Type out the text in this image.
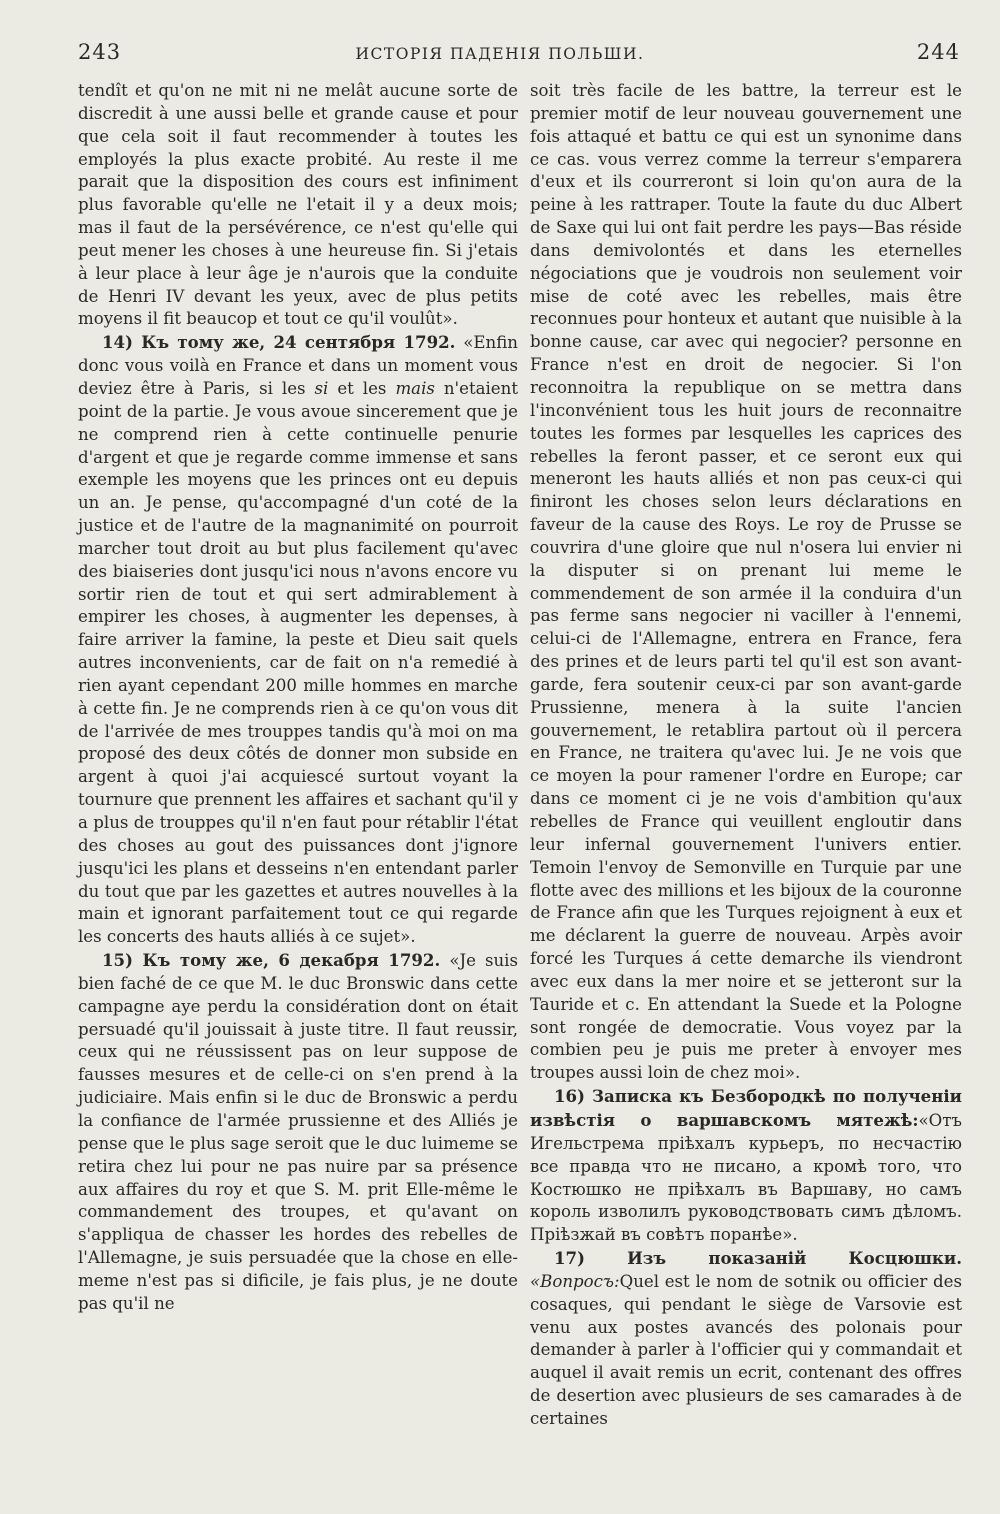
243	ИСТОРІЯ ПАДЕНІЯ ПОЛЬШИ.	244

tendît et qu'on ne mit ni ne melât aucune sorte de discredit à une aussi belle et grande cause et pour que cela soit il faut recommender à toutes les employés la plus exacte probité. Au reste il me parait que la disposition des cours est infiniment plus favorable qu'elle ne l'etait il y a deux mois; mas il faut de la persévérence, ce n'est qu'elle qui peut mener les choses à une heureuse fin. Si j'etais à leur place à leur âge je n'aurois que la conduite de Henri IV devant les yeux, avec de plus petits moyens il fit beaucop et tout ce qu'il voulût».

14) Къ тому же, 24 сентября 1792. «Enfin donc vous voilà en France et dans un moment vous deviez être à Paris, si les si et les mais n'etaient point de la partie. Je vous avoue sincerement que je ne comprend rien à cette continuelle penurie d'argent et que je regarde comme immense et sans exemple les moyens que les princes ont eu depuis un an. Je pense, qu'accompagné d'un coté de la justice et de l'autre de la magnanimité on pourroit marcher tout droit au but plus facilement qu'avec des biaiseries dont jusqu'ici nous n'avons encore vu sortir rien de tout et qui sert admirablement à empirer les choses, à augmenter les depenses, à faire arriver la famine, la peste et Dieu sait quels autres inconvenients, car de fait on n'a remedié à rien ayant cependant 200 mille hommes en marche à cette fin. Je ne comprends rien à ce qu'on vous dit de l'arrivée de mes trouppes tandis qu'à moi on ma proposé des deux côtés de donner mon subside en argent à quoi j'ai acquiescé surtout voyant la tournure que prennent les affaires et sachant qu'il y a plus de trouppes qu'il n'en faut pour rétablir l'état des choses au gout des puissances dont j'ignore jusqu'ici les plans et desseins n'en entendant parler du tout que par les gazettes et autres nouvelles à la main et ignorant parfaitement tout ce qui regarde les concerts des hauts alliés à ce sujet».

15) Къ тому же, 6 декабря 1792. «Je suis bien faché de ce que M. le duc Bronswic dans cette campagne aye perdu la considération dont on était persuadé qu'il jouissait à juste titre. Il faut reussir, ceux qui ne réussissent pas on leur suppose de fausses mesures et de celle-ci on s'en prend à la judiciaire. Mais enfin si le duc de Bronswic a perdu la confiance de l'armée prussienne et des Alliés je pense que le plus sage seroit que le duc luimeme se retira chez lui pour ne pas nuire par sa présence aux affaires du roy et que S. M. prit Elle-même le commandement des troupes, et qu'avant on s'appliqua de chasser les hordes des rebelles de l'Allemagne, je suis persuadée que la chose en elle-meme n'est pas si dificile, je fais plus, je ne doute pas qu'il ne

soit très facile de les battre, la terreur est le premier motif de leur nouveau gouvernement une fois attaqué et battu ce qui est un synonime dans ce cas. vous verrez comme la terreur s'emparera d'eux et ils courreront si loin qu'on aura de la peine à les rattraper. Toute la faute du duc Albert de Saxe qui lui ont fait perdre les pays—Bas réside dans demivolontés et dans les eternelles négociations que je voudrois non seulement voir mise de coté avec les rebelles, mais être reconnues pour honteux et autant que nuisible à la bonne cause, car avec qui negocier? personne en France n'est en droit de negocier. Si l'on reconnoitra la republique on se mettra dans l'inconvénient tous les huit jours de reconnaitre toutes les formes par lesquelles les caprices des rebelles la feront passer, et ce seront eux qui meneront les hauts alliés et non pas ceux-ci qui finiront les choses selon leurs déclarations en faveur de la cause des Roys. Le roy de Prusse se couvrira d'une gloire que nul n'osera lui envier ni la disputer si on prenant lui meme le commendement de son armée il la conduira d'un pas ferme sans negocier ni vaciller à l'ennemi, celui-ci de l'Allemagne, entrera en France, fera des prines et de leurs parti tel qu'il est son avant-garde, fera soutenir ceux-ci par son avant-garde Prussienne, menera à la suite l'ancien gouvernement, le retablira partout où il percera en France, ne traitera qu'avec lui. Je ne vois que ce moyen la pour ramener l'ordre en Europe; car dans ce moment ci je ne vois d'ambition qu'aux rebelles de France qui veuillent engloutir dans leur infernal gouvernement l'univers entier. Temoin l'envoy de Semonville en Turquie par une flotte avec des millions et les bijoux de la couronne de France afin que les Turques rejoignent à eux et me déclarent la guerre de nouveau. Arpès avoir forcé les Turques á cette demarche ils viendront avec eux dans la mer noire et se jetteront sur la Tauride et c. En attendant la Suede et la Pologne sont rongée de democratie. Vous voyez par la combien peu je puis me preter à envoyer mes troupes aussi loin de chez moi».

16) Записка къ Безбородкѣ по полученіи извѣстія о варшавскомъ мятежѣ:«Отъ Игельстрема пріѣхалъ курьеръ, по несчастію все правда что не писано, а кромѣ того, что Костюшко не пріѣхалъ въ Варшаву, но самъ король изволилъ руководствовать симъ дѣломъ. Пріѣзжай въ совѣтъ поранѣе».

17) Изъ показаній Косцюшки. «Вопросъ:Quel est le nom de sotnik ou officier des cosaques, qui pendant le siège de Varsovie est venu aux postes avancés des polonais pour demander à parler à l'officier qui y commandait et auquel il avait remis un ecrit, contenant des offres de desertion avec plusieurs de ses camarades à de certaines
